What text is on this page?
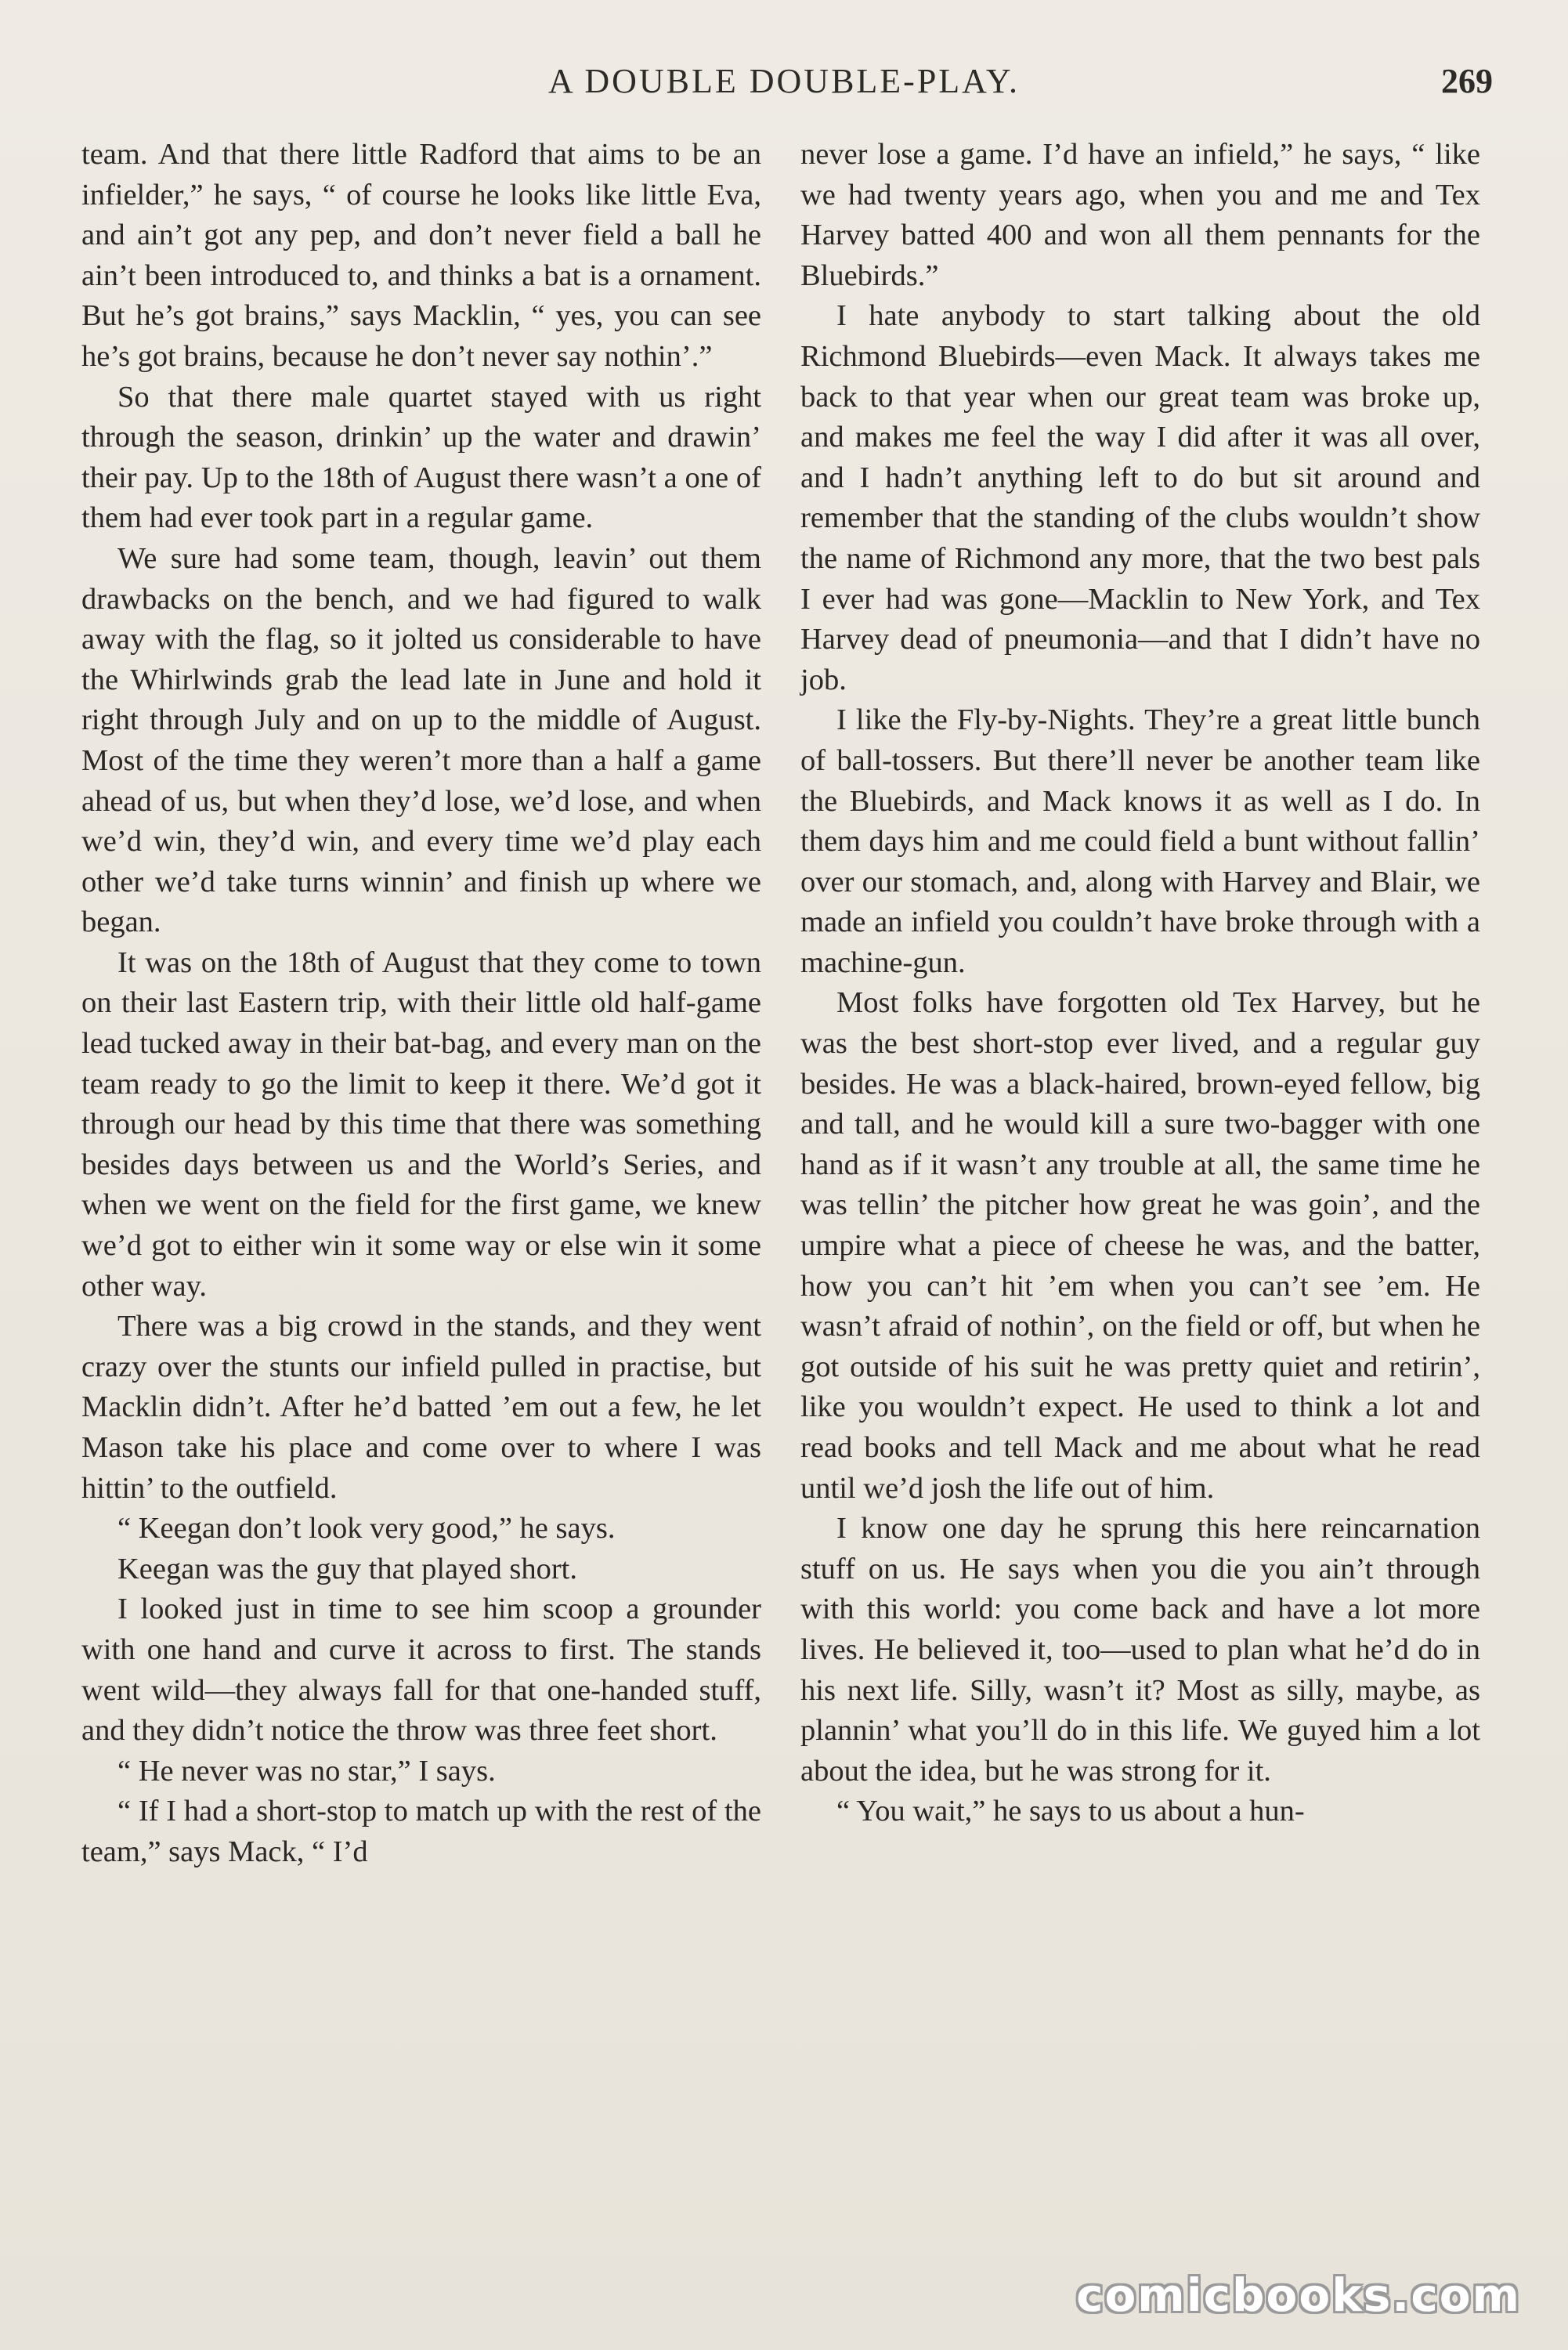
A DOUBLE DOUBLE-PLAY.	269

team. And that there little Radford that aims to be an infielder,” he says, “ of course he looks like little Eva, and ain’t got any pep, and don’t never field a ball he ain’t been introduced to, and thinks a bat is a ornament. But he’s got brains,” says Macklin, “ yes, you can see he’s got brains, because he don’t never say nothin’.”

So that there male quartet stayed with us right through the season, drinkin’ up the water and drawin’ their pay. Up to the 18th of August there wasn’t a one of them had ever took part in a regular game.

We sure had some team, though, leavin’ out them drawbacks on the bench, and we had figured to walk away with the flag, so it jolted us considerable to have the Whirlwinds grab the lead late in June and hold it right through July and on up to the middle of August. Most of the time they weren’t more than a half a game ahead of us, but when they’d lose, we’d lose, and when we’d win, they’d win, and every time we’d play each other we’d take turns winnin’ and finish up where we began.

It was on the 18th of August that they come to town on their last Eastern trip, with their little old half-game lead tucked away in their bat-bag, and every man on the team ready to go the limit to keep it there. We’d got it through our head by this time that there was something besides days between us and the World’s Series, and when we went on the field for the first game, we knew we’d got to either win it some way or else win it some other way.

There was a big crowd in the stands, and they went crazy over the stunts our infield pulled in practise, but Macklin didn’t. After he’d batted ’em out a few, he let Mason take his place and come over to where I was hittin’ to the outfield.

“ Keegan don’t look very good,” he says.

Keegan was the guy that played short.

I looked just in time to see him scoop a grounder with one hand and curve it across to first. The stands went wild—they always fall for that one-handed stuff, and they didn’t notice the throw was three feet short.

“ He never was no star,” I says.

“ If I had a short-stop to match up with the rest of the team,” says Mack, “ I’d

never lose a game. I’d have an infield,” he says, “ like we had twenty years ago, when you and me and Tex Harvey batted 400 and won all them pennants for the Bluebirds.”

I hate anybody to start talking about the old Richmond Bluebirds—even Mack. It always takes me back to that year when our great team was broke up, and makes me feel the way I did after it was all over, and I hadn’t anything left to do but sit around and remember that the standing of the clubs wouldn’t show the name of Richmond any more, that the two best pals I ever had was gone—Macklin to New York, and Tex Harvey dead of pneumonia—and that I didn’t have no job.

I like the Fly-by-Nights. They’re a great little bunch of ball-tossers. But there’ll never be another team like the Bluebirds, and Mack knows it as well as I do. In them days him and me could field a bunt without fallin’ over our stomach, and, along with Harvey and Blair, we made an infield you couldn’t have broke through with a machine-gun.

Most folks have forgotten old Tex Harvey, but he was the best short-stop ever lived, and a regular guy besides. He was a black-haired, brown-eyed fellow, big and tall, and he would kill a sure two-bagger with one hand as if it wasn’t any trouble at all, the same time he was tellin’ the pitcher how great he was goin’, and the umpire what a piece of cheese he was, and the batter, how you can’t hit ’em when you can’t see ’em. He wasn’t afraid of nothin’, on the field or off, but when he got outside of his suit he was pretty quiet and retirin’, like you wouldn’t expect. He used to think a lot and read books and tell Mack and me about what he read until we’d josh the life out of him.

I know one day he sprung this here reincarnation stuff on us. He says when you die you ain’t through with this world: you come back and have a lot more lives. He believed it, too—used to plan what he’d do in his next life. Silly, wasn’t it? Most as silly, maybe, as plannin’ what you’ll do in this life. We guyed him a lot about the idea, but he was strong for it.

“ You wait,” he says to us about a hun-

comicbooks.com
